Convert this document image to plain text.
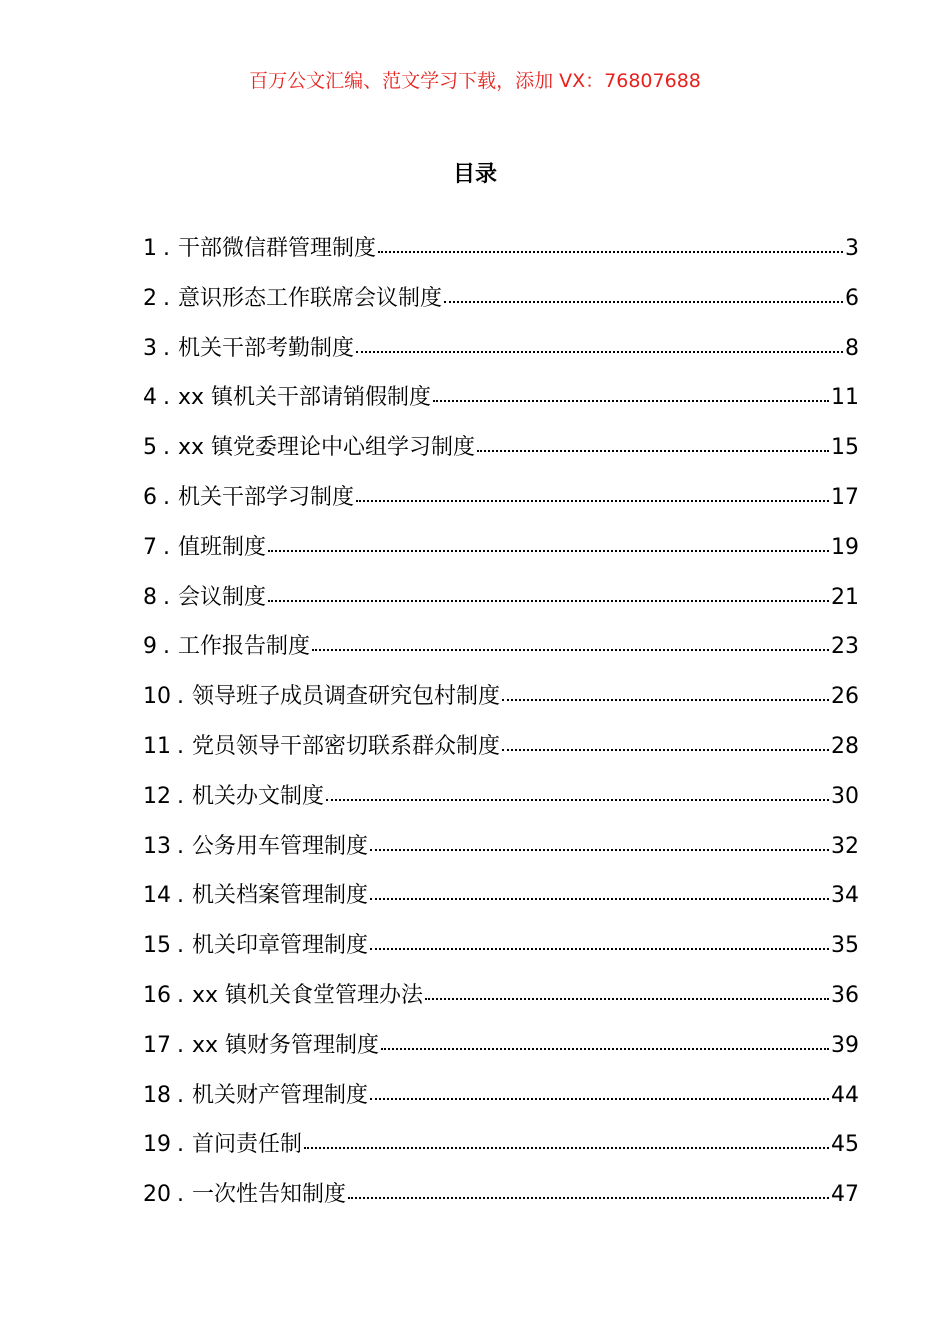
百万公文汇编、范文学习下载，添加 VX：76807688
目录
1 . 干部微信群管理制度	3
2 . 意识形态工作联席会议制度	6
3 . 机关干部考勤制度	8
4 . xx 镇机关干部请销假制度	11
5 . xx 镇党委理论中心组学习制度	15
6 . 机关干部学习制度	17
7 . 值班制度	19
8 . 会议制度	21
9 . 工作报告制度	23
10 . 领导班子成员调查研究包村制度	26
11 . 党员领导干部密切联系群众制度	28
12 . 机关办文制度	30
13 . 公务用车管理制度	32
14 . 机关档案管理制度	34
15 . 机关印章管理制度	35
16 . xx 镇机关食堂管理办法	36
17 . xx 镇财务管理制度	39
18 . 机关财产管理制度	44
19 . 首问责任制	45
20 . 一次性告知制度	47
